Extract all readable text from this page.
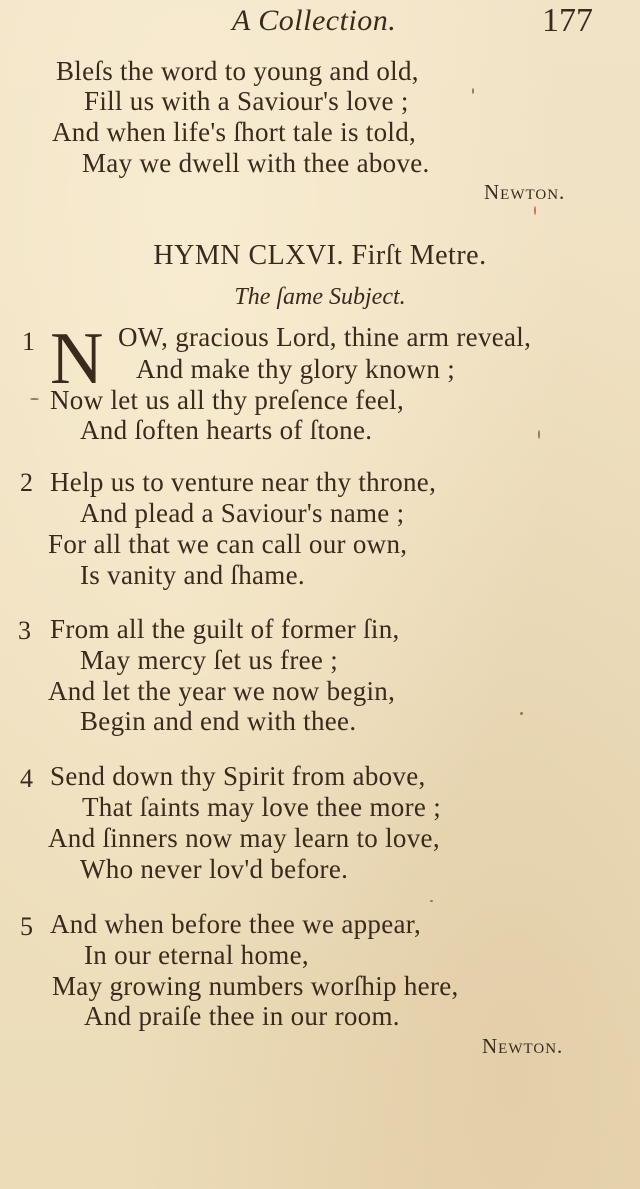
A Collection.	177
Bleſs the word to young and old,
Fill us with a Saviour's love ;
And when life's ſhort tale is told,
May we dwell with thee above.
Newton.
HYMN CLXVI. Firſt Metre.
The ſame Subject.
1 N OW, gracious Lord, thine arm reveal,
And make thy glory known ;
Now let us all thy preſence feel,
And ſoften hearts of ſtone.
2 Help us to venture near thy throne,
And plead a Saviour's name ;
For all that we can call our own,
Is vanity and ſhame.
3 From all the guilt of former ſin,
May mercy ſet us free ;
And let the year we now begin,
Begin and end with thee.
4 Send down thy Spirit from above,
That ſaints may love thee more ;
And ſinners now may learn to love,
Who never lov'd before.
5 And when before thee we appear,
In our eternal home,
May growing numbers worſhip here,
And praiſe thee in our room.
Newton.
